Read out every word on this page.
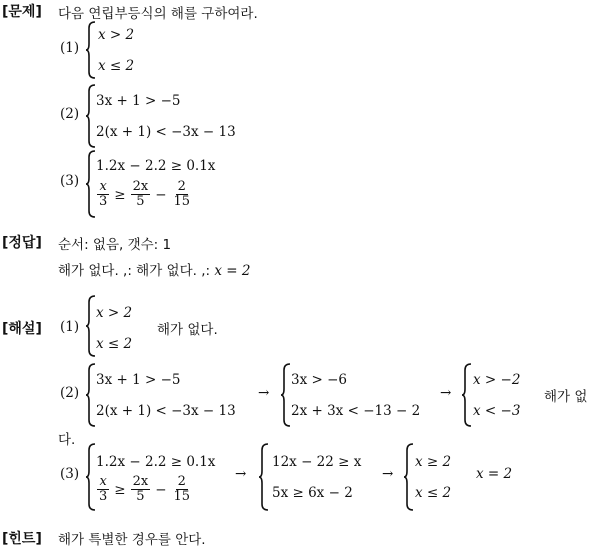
[문제] 다음 연립부등식의 해를 구하여라.
(1)
x > 2
x ≤ 2
(2)
3x + 1 > −5
2(x + 1) < −3x − 13
(3)
1.2x − 2.2 ≥ 0.1x
$\frac{x}{3} \ge \frac{2x}{5} - \frac{2}{15}$
[정답] 순서: 없음, 갯수: 1
해가 없다. ,: 해가 없다. ,: x = 2
[해설] (1)
x > 2
x ≤ 2
해가 없다.
(2)
3x + 1 > −5
2(x + 1) < −3x − 13
→
3x > −6
2x + 3x < −13 − 2
→
x > −2
x < −3
해가 없
다.
(3)
1.2x − 2.2 ≥ 0.1x
$\frac{x}{3} \ge \frac{2x}{5} - \frac{2}{15}$
→
12x − 22 ≥ x
5x ≥ 6x − 2
→
x ≥ 2
x ≤ 2
x = 2
[힌트] 해가 특별한 경우를 안다.
